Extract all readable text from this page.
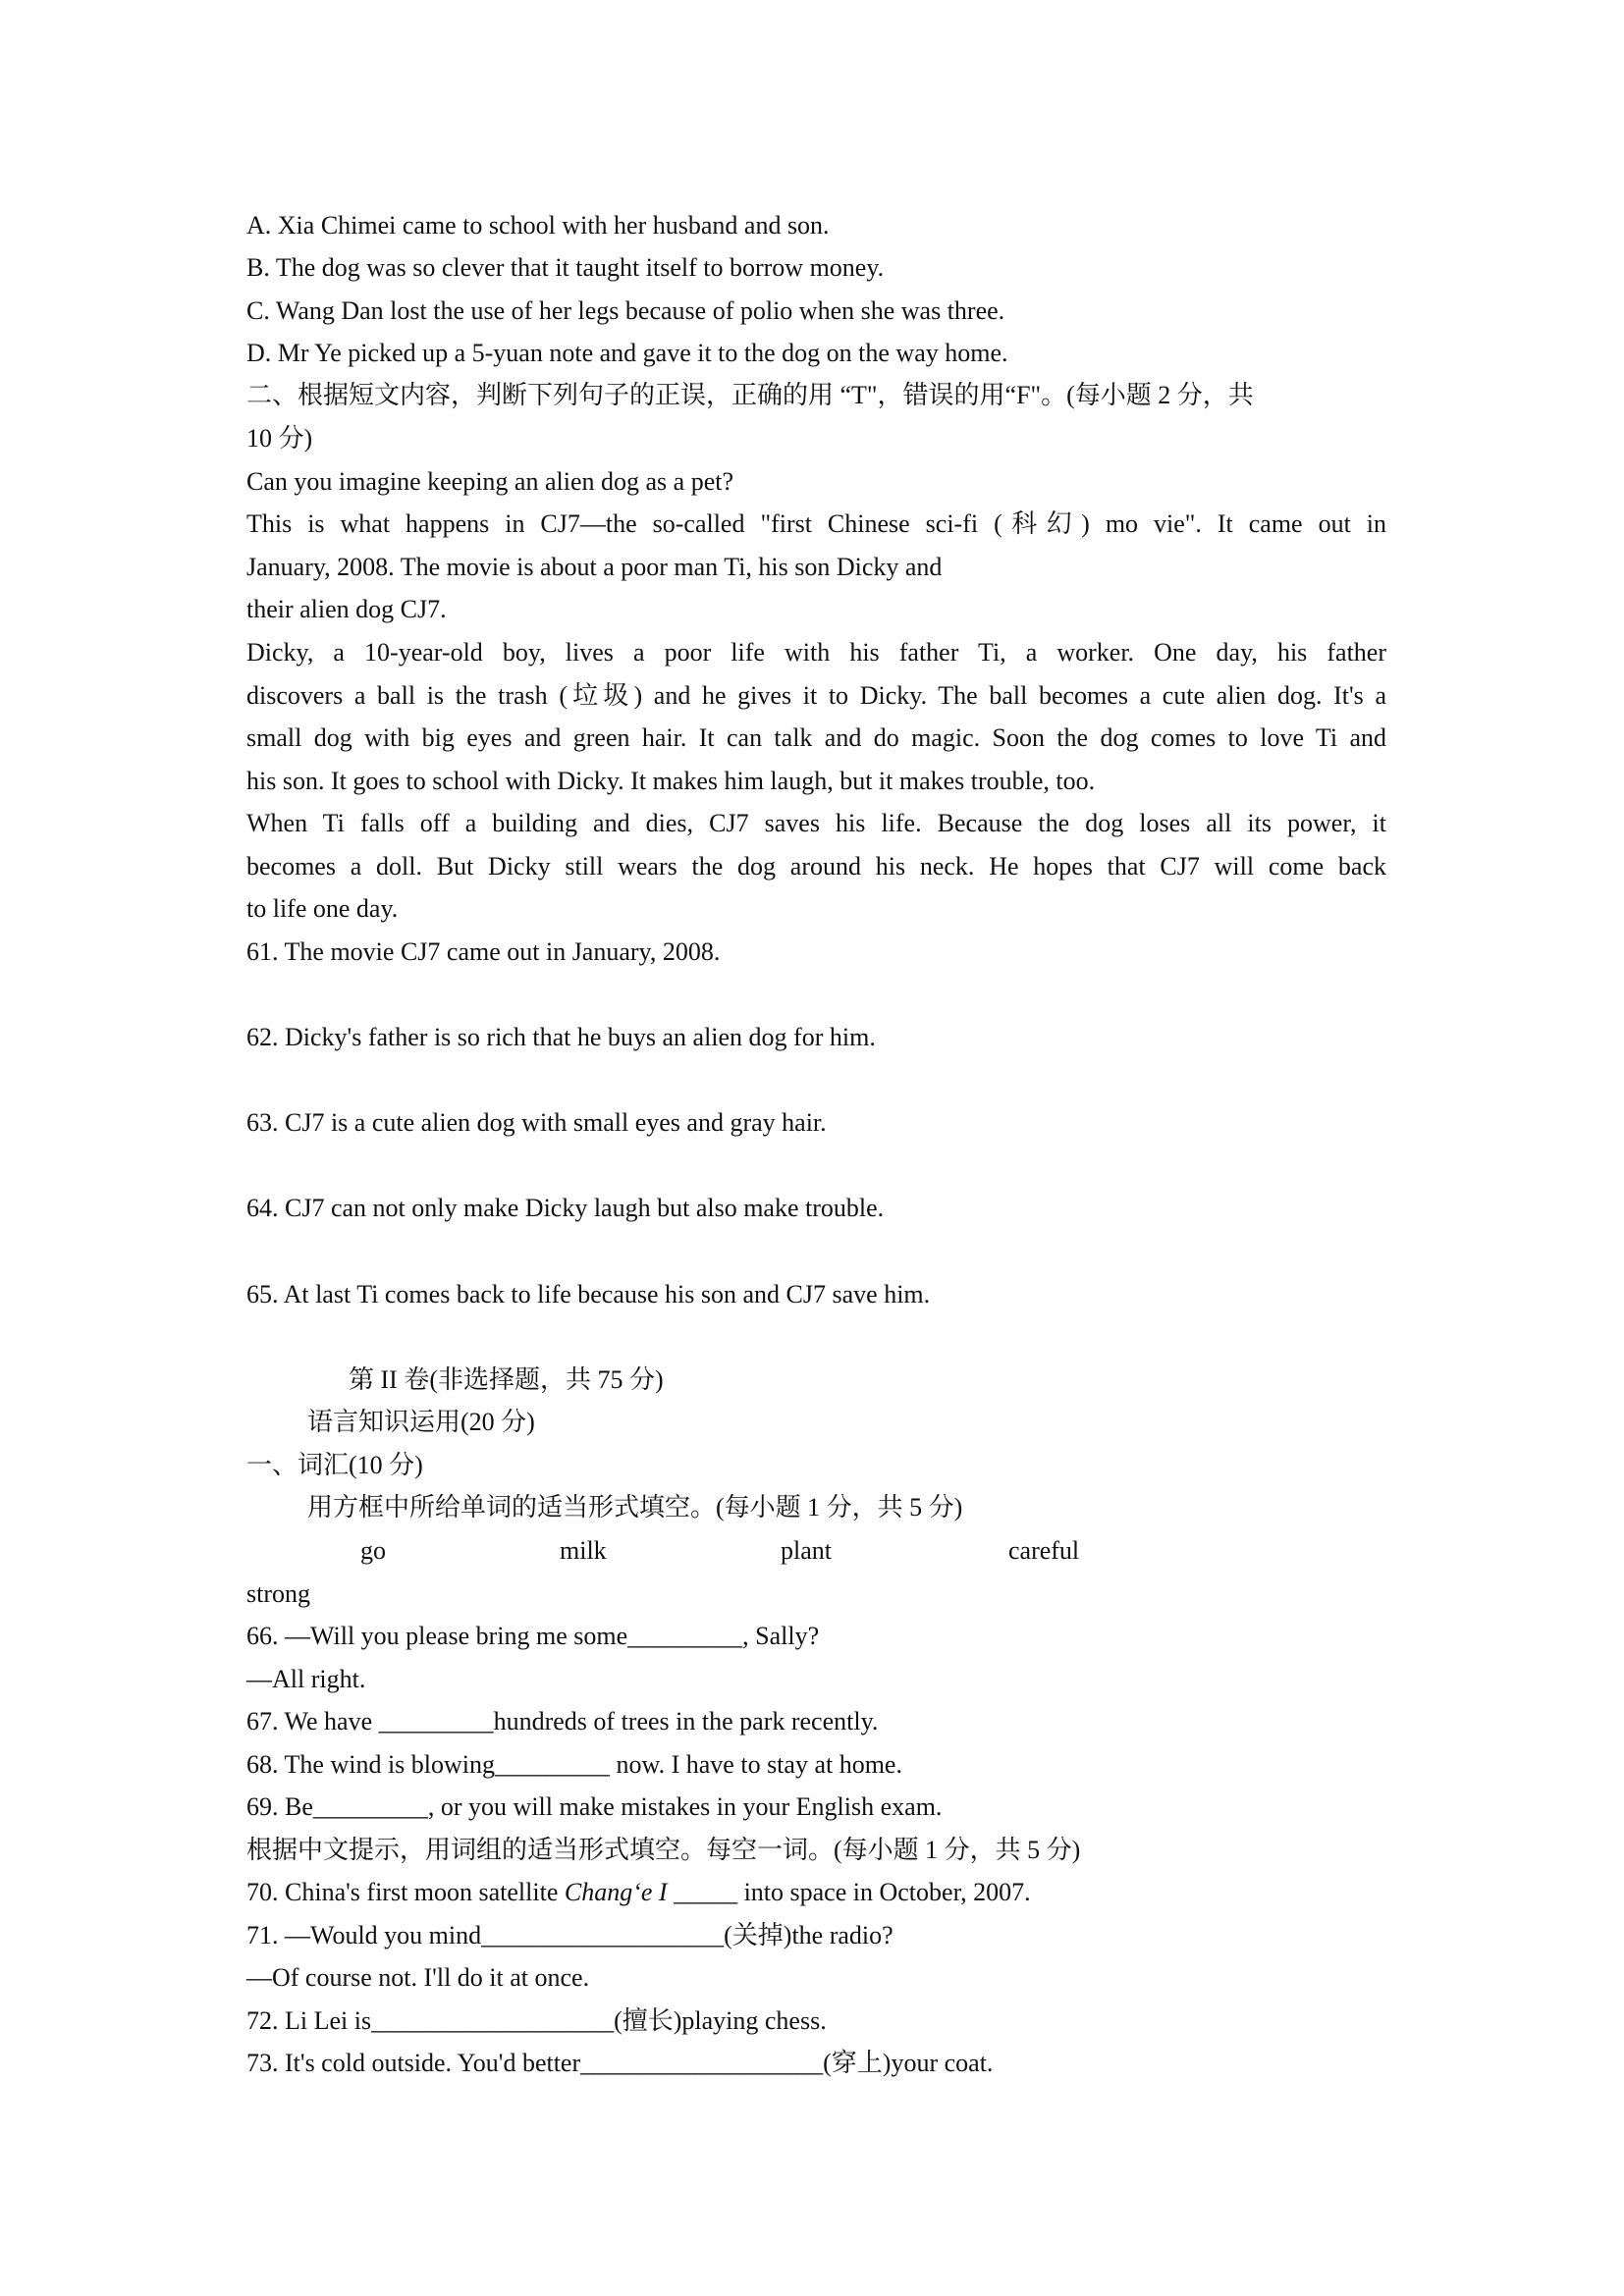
A. Xia Chimei came to school with her husband and son.
B. The dog was so clever that it taught itself to borrow money.
C. Wang Dan lost the use of her legs because of polio when she was three.
D. Mr Ye picked up a 5-yuan note and gave it to the dog on the way home.
二、根据短文内容，判断下列句子的正误，正确的用 “T"，错误的用“F"。(每小题 2 分，共
10 分)
Can you imagine keeping an alien dog as a pet?
This is what happens in CJ7—the so-called "first Chinese sci-fi (科幻) mo vie". It came out in
January, 2008. The movie is about a poor man Ti, his son Dicky and
their alien dog CJ7.
Dicky, a 10-year-old boy, lives a poor life with his father Ti, a worker. One day, his father
discovers a ball is the trash (垃圾) and he gives it to Dicky. The ball becomes a cute alien dog. It's a
small dog with big eyes and green hair. It can talk and do magic. Soon the dog comes to love Ti and
his son. It goes to school with Dicky. It makes him laugh, but it makes trouble, too.
When Ti falls off a building and dies, CJ7 saves his life. Because the dog loses all its power, it
becomes a doll. But Dicky still wears the dog around his neck. He hopes that CJ7 will come back
to life one day.
61. The movie CJ7 came out in January, 2008.
62. Dicky's father is so rich that he buys an alien dog for him.
63. CJ7 is a cute alien dog with small eyes and gray hair.
64. CJ7 can not only make Dicky laugh but also make trouble.
65. At last Ti comes back to life because his son and CJ7 save him.
第 II 卷(非选择题，共 75 分)
语言知识运用(20 分)
一、词汇(10 分)
用方框中所给单词的适当形式填空。(每小题 1 分，共 5 分)
go	milk	plant	careful
strong
66. —Will you please bring me some_________, Sally?
—All right.
67. We have _________hundreds of trees in the park recently.
68. The wind is blowing_________ now. I have to stay at home.
69. Be_________, or you will make mistakes in your English exam.
根据中文提示，用词组的适当形式填空。每空一词。(每小题 1 分，共 5 分)
70. China's first moon satellite Chang‘e I _____ into space in October, 2007.
71. —Would you mind___________________(关掉)the radio?
—Of course not. I'll do it at once.
72. Li Lei is___________________(擅长)playing chess.
73. It's cold outside. You'd better___________________(穿上)your coat.
